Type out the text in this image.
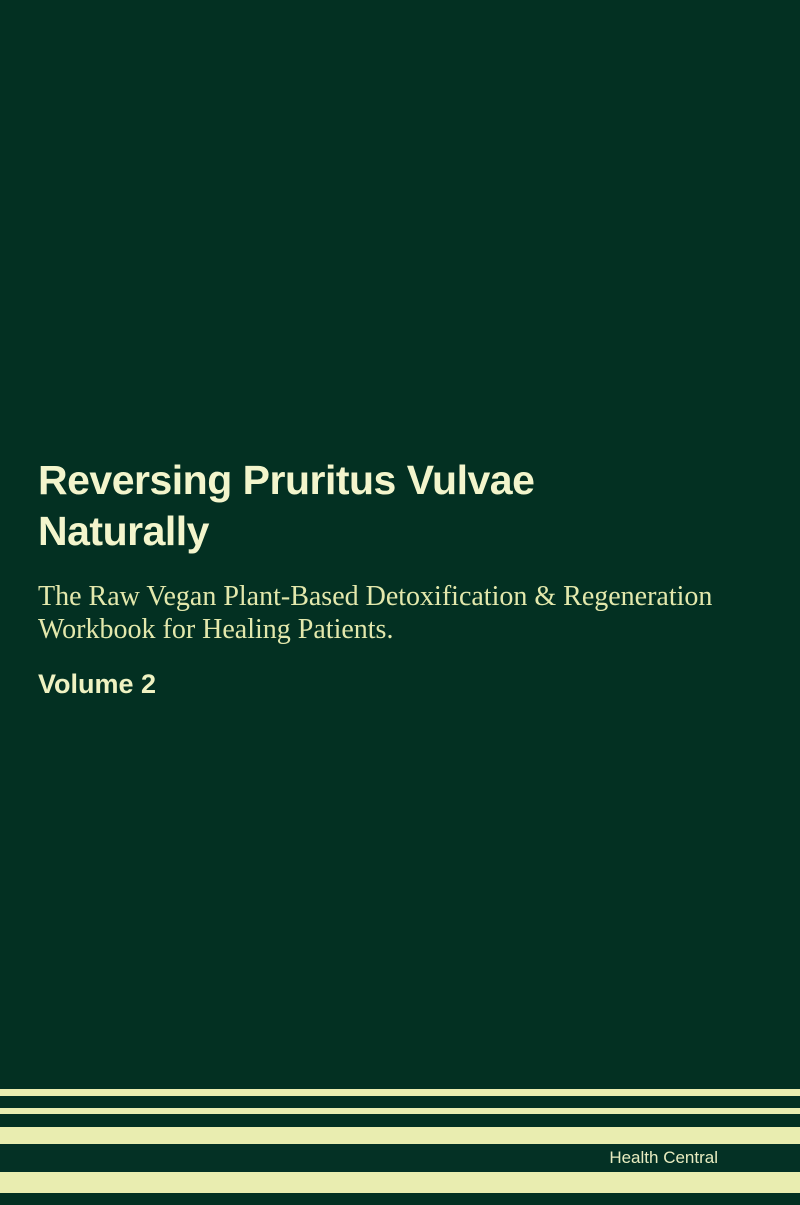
Reversing Pruritus Vulvae
Naturally

The Raw Vegan Plant-Based Detoxification & Regeneration
Workbook for Healing Patients.

Volume 2

Health Central
